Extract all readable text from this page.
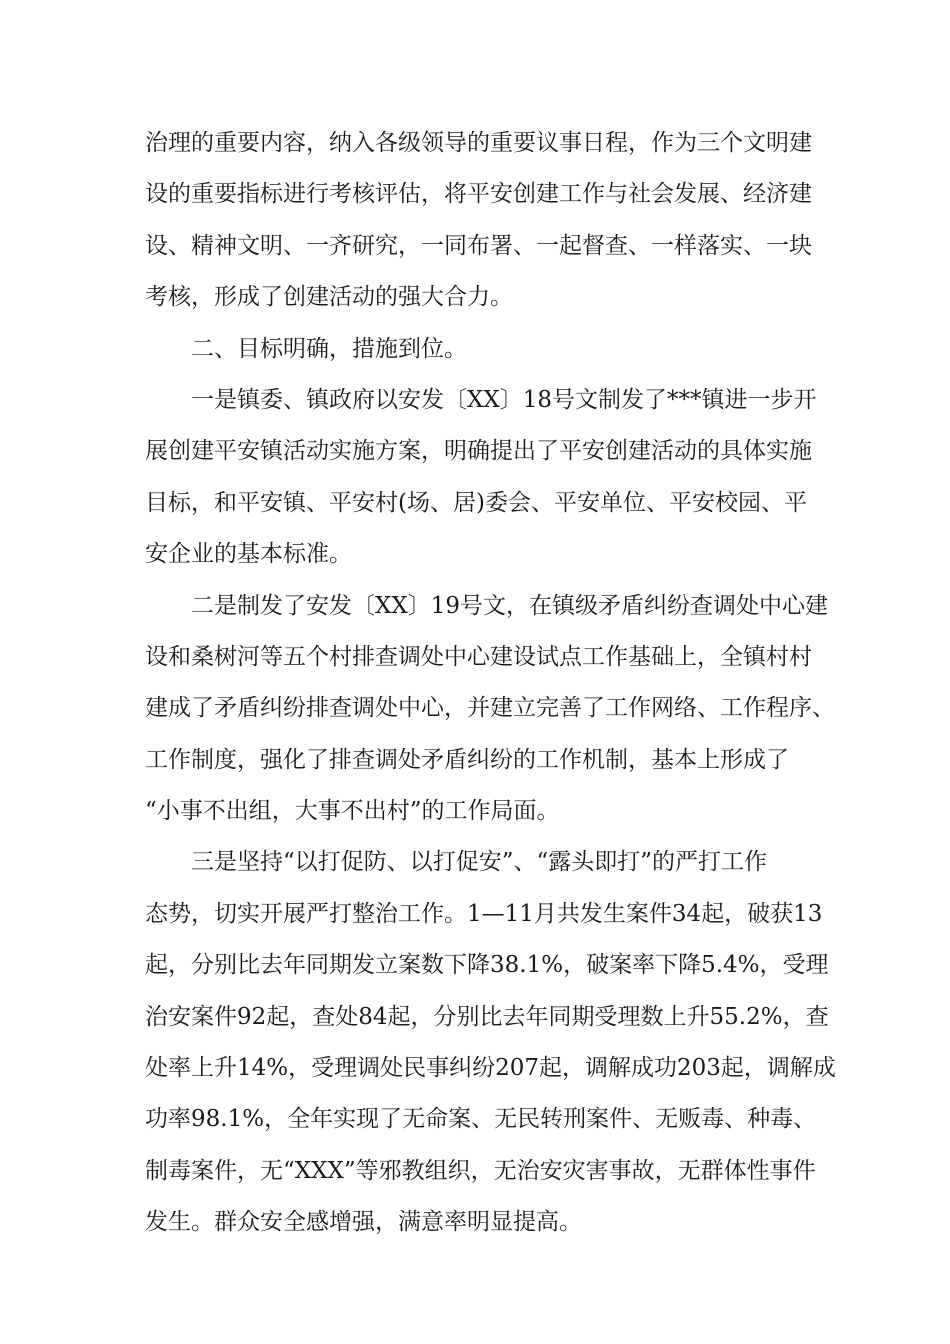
治理的重要内容，纳入各级领导的重要议事日程，作为三个文明建
设的重要指标进行考核评估，将平安创建工作与社会发展、经济建
设、精神文明、一齐研究，一同布署、一起督查、一样落实、一块
考核，形成了创建活动的强大合力。
二、目标明确，措施到位。
一是镇委、镇政府以安发〔XX〕18号文制发了***镇进一步开
展创建平安镇活动实施方案，明确提出了平安创建活动的具体实施
目标，和平安镇、平安村(场、居)委会、平安单位、平安校园、平
安企业的基本标准。
二是制发了安发〔XX〕19号文，在镇级矛盾纠纷查调处中心建
设和桑树河等五个村排查调处中心建设试点工作基础上，全镇村村
建成了矛盾纠纷排查调处中心，并建立完善了工作网络、工作程序、
工作制度，强化了排查调处矛盾纠纷的工作机制，基本上形成了
“小事不出组，大事不出村”的工作局面。
三是坚持“以打促防、以打促安”、“露头即打”的严打工作
态势，切实开展严打整治工作。1—11月共发生案件34起，破获13
起，分别比去年同期发立案数下降38.1%，破案率下降5.4%，受理
治安案件92起，查处84起，分别比去年同期受理数上升55.2%，查
处率上升14%，受理调处民事纠纷207起，调解成功203起，调解成
功率98.1%，全年实现了无命案、无民转刑案件、无贩毒、种毒、
制毒案件，无“XXX”等邪教组织，无治安灾害事故，无群体性事件
发生。群众安全感增强，满意率明显提高。
